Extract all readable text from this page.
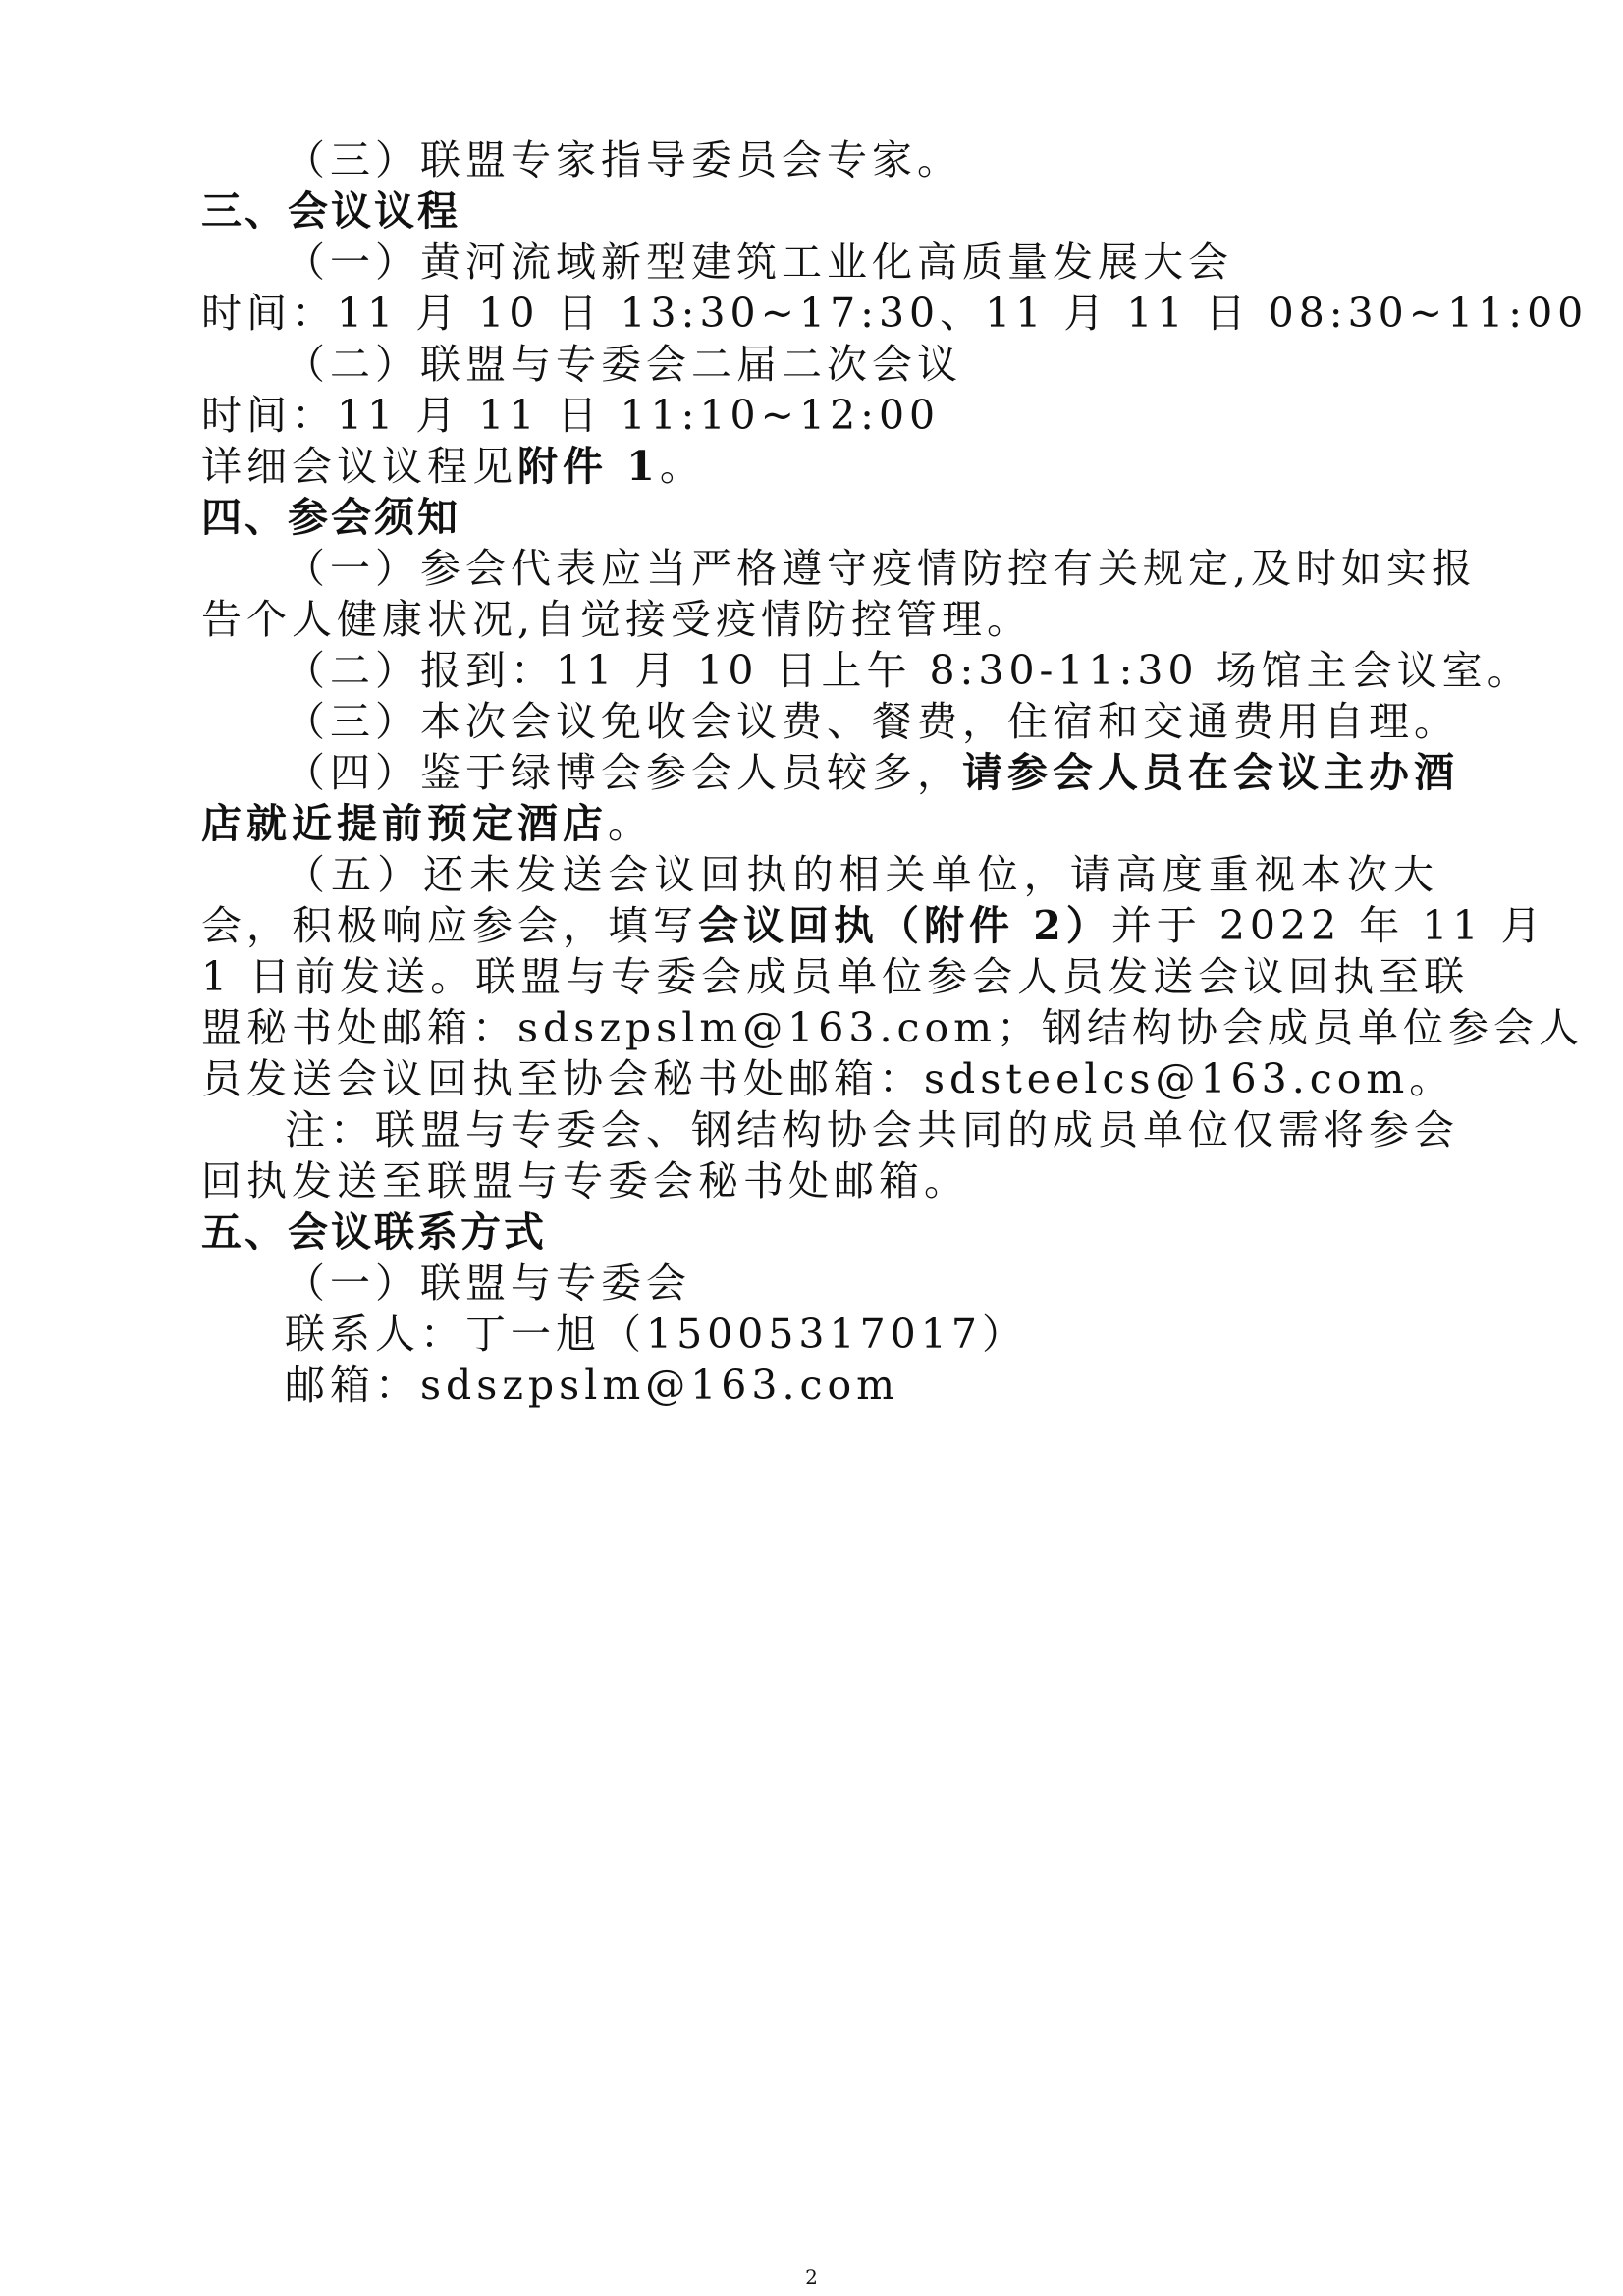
（三）联盟专家指导委员会专家。
三、会议议程
（一）黄河流域新型建筑工业化高质量发展大会
时间：11 月 10 日 13:30~17:30、11 月 11 日 08:30~11:00
（二）联盟与专委会二届二次会议
时间：11 月 11 日 11:10~12:00
详细会议议程见附件 1。
四、参会须知
（一）参会代表应当严格遵守疫情防控有关规定,及时如实报
告个人健康状况,自觉接受疫情防控管理。
（二）报到：11 月 10 日上午 8:30-11:30 场馆主会议室。
（三）本次会议免收会议费、餐费，住宿和交通费用自理。
（四）鉴于绿博会参会人员较多，请参会人员在会议主办酒
店就近提前预定酒店。
（五）还未发送会议回执的相关单位，请高度重视本次大
会，积极响应参会，填写会议回执（附件 2）并于 2022 年 11 月
1 日前发送。联盟与专委会成员单位参会人员发送会议回执至联
盟秘书处邮箱：sdszpslm@163.com；钢结构协会成员单位参会人
员发送会议回执至协会秘书处邮箱：sdsteelcs@163.com。
注：联盟与专委会、钢结构协会共同的成员单位仅需将参会
回执发送至联盟与专委会秘书处邮箱。
五、会议联系方式
（一）联盟与专委会
联系人：丁一旭（15005317017）
邮箱：sdszpslm@163.com
2
